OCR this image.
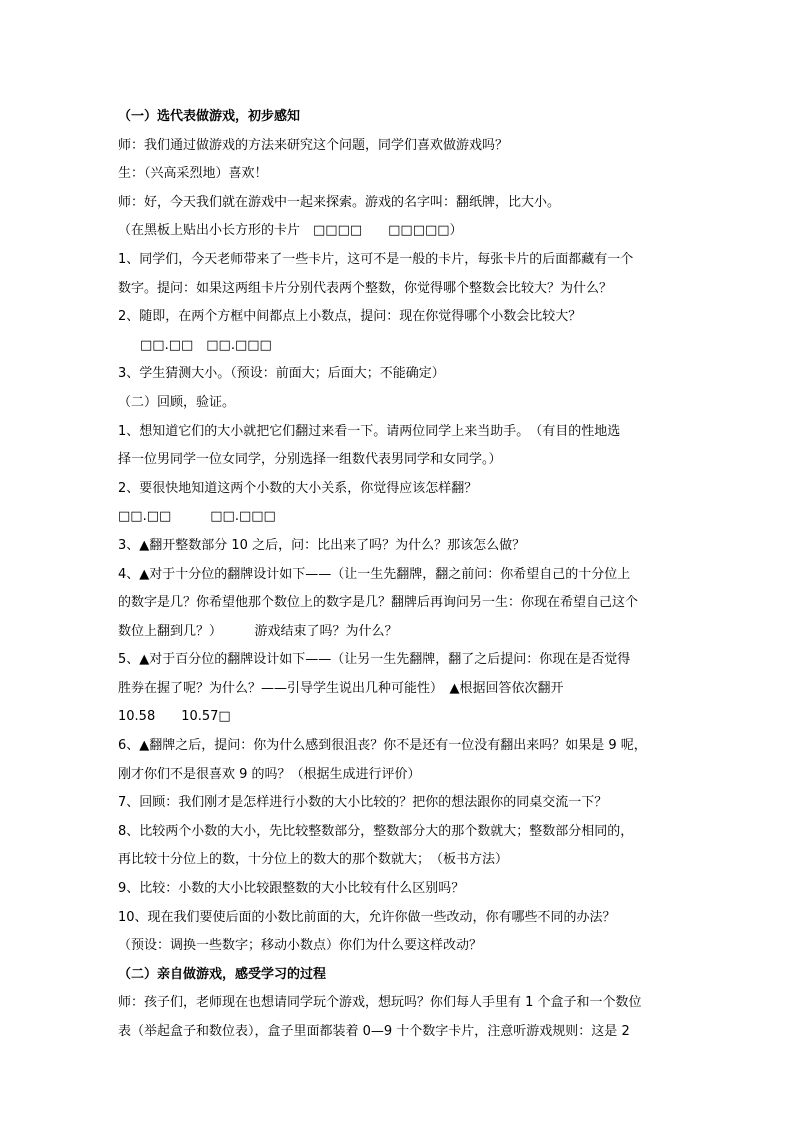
（一）选代表做游戏，初步感知
师：我们通过做游戏的方法来研究这个问题，同学们喜欢做游戏吗？
生：（兴高采烈地）喜欢！
师：好，今天我们就在游戏中一起来探索。游戏的名字叫：翻纸牌，比大小。
（在黑板上贴出小长方形的卡片　□□□□　　□□□□□）
1、同学们，今天老师带来了一些卡片，这可不是一般的卡片，每张卡片的后面都藏有一个
数字。提问：如果这两组卡片分别代表两个整数，你觉得哪个整数会比较大？为什么？
2、随即，在两个方框中间都点上小数点，提问：现在你觉得哪个小数会比较大？
□□.□□　□□.□□□
3、学生猜测大小。（预设：前面大；后面大；不能确定）
（二）回顾，验证。
1、想知道它们的大小就把它们翻过来看一下。请两位同学上来当助手。　（有目的性地选
择一位男同学一位女同学，分别选择一组数代表男同学和女同学。）
2、要很快地知道这两个小数的大小关系，你觉得应该怎样翻？
□□.□□　　　□□.□□□
3、▲翻开整数部分 10 之后，问：比出来了吗？为什么？那该怎么做？
4、▲对于十分位的翻牌设计如下——（让一生先翻牌，翻之前问：你希望自己的十分位上
的数字是几？你希望他那个数位上的数字是几？翻牌后再询问另一生：你现在希望自己这个
数位上翻到几？）　　　游戏结束了吗？为什么？
5、▲对于百分位的翻牌设计如下——（让另一生先翻牌，翻了之后提问：你现在是否觉得
胜券在握了呢？为什么？——引导学生说出几种可能性）　▲根据回答依次翻开
10.58　　10.57□
6、▲翻牌之后，提问：你为什么感到很沮丧？你不是还有一位没有翻出来吗？如果是 9 呢，
刚才你们不是很喜欢 9 的吗？（根据生成进行评价）
7、回顾：我们刚才是怎样进行小数的大小比较的？把你的想法跟你的同桌交流一下？
8、比较两个小数的大小，先比较整数部分，整数部分大的那个数就大；整数部分相同的，
再比较十分位上的数，十分位上的数大的那个数就大；　（板书方法）
9、比较：小数的大小比较跟整数的大小比较有什么区别吗？
10、现在我们要使后面的小数比前面的大，允许你做一些改动，你有哪些不同的办法？
（预设：调换一些数字；移动小数点）你们为什么要这样改动？
（二）亲自做游戏，感受学习的过程
师：孩子们，老师现在也想请同学玩个游戏，想玩吗？你们每人手里有 1 个盒子和一个数位
表（举起盒子和数位表），盒子里面都装着 0—9 十个数字卡片，注意听游戏规则：这是 2
